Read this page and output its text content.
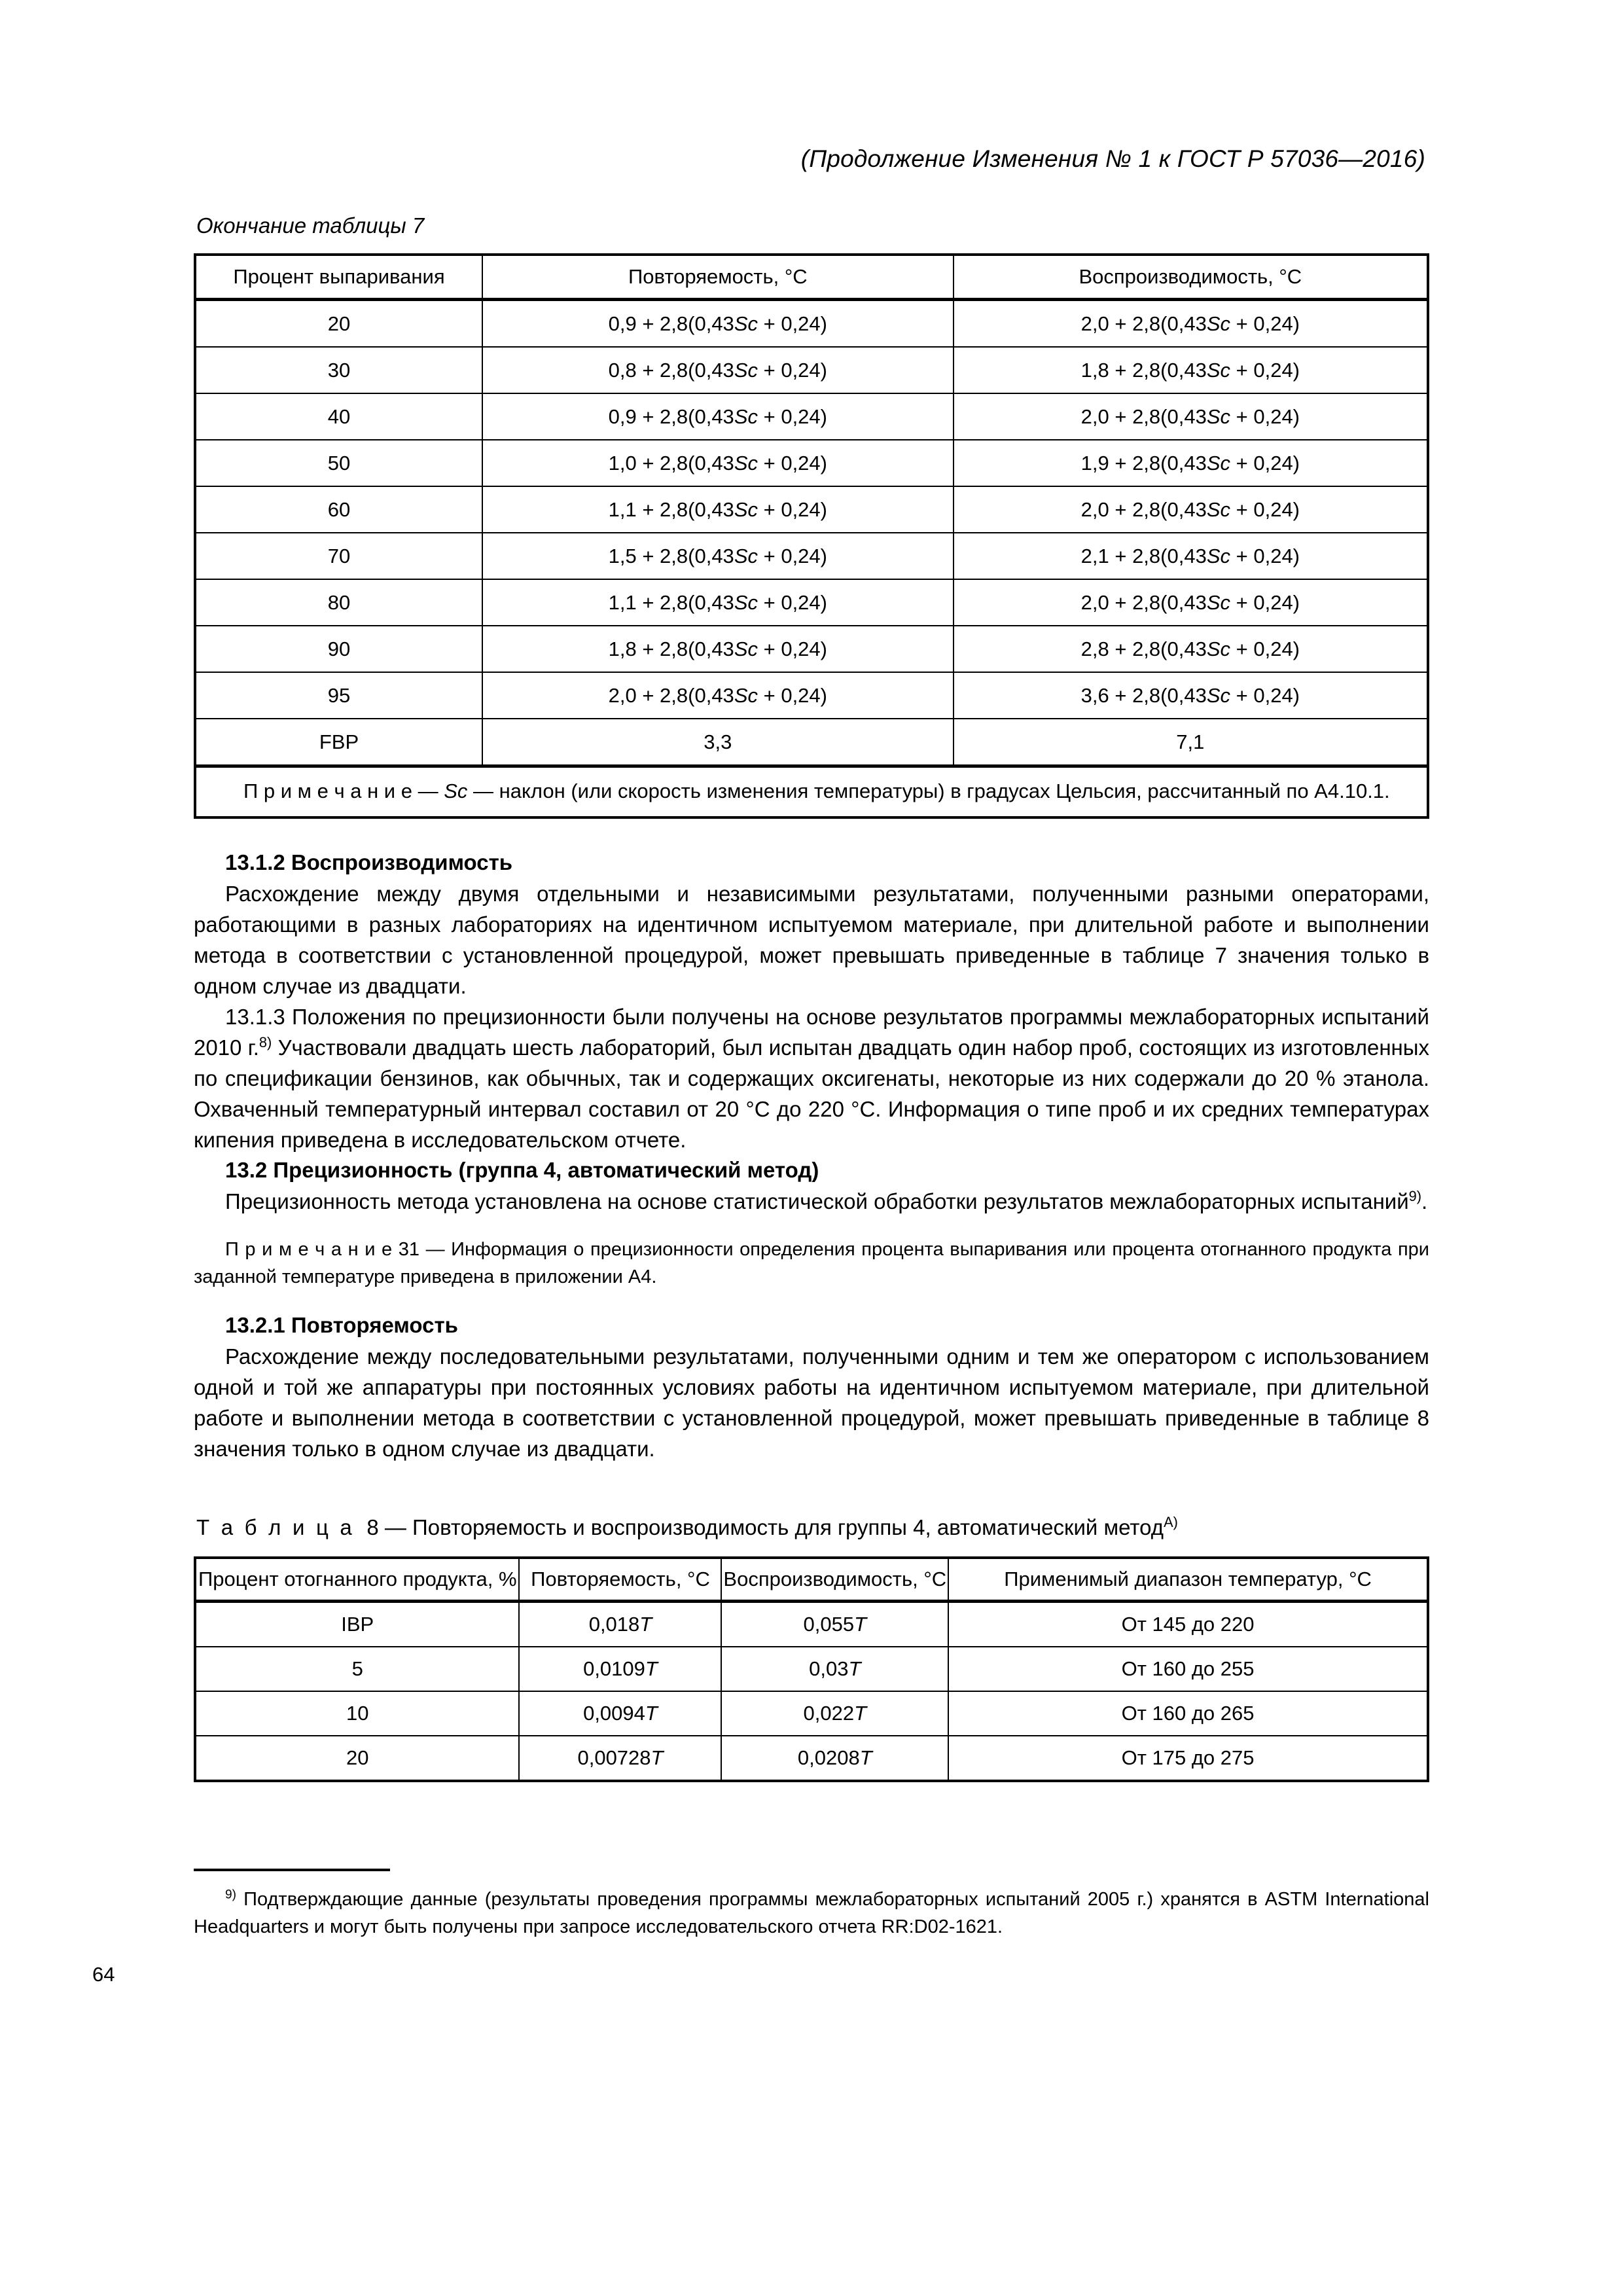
(Продолжение Изменения № 1 к ГОСТ Р 57036—2016)
Окончание таблицы 7
Процент выпаривания	Повторяемость, °C	Воспроизводимость, °C
20	0,9 + 2,8(0,43Sc + 0,24)	2,0 + 2,8(0,43Sc + 0,24)
30	0,8 + 2,8(0,43Sc + 0,24)	1,8 + 2,8(0,43Sc + 0,24)
40	0,9 + 2,8(0,43Sc + 0,24)	2,0 + 2,8(0,43Sc + 0,24)
50	1,0 + 2,8(0,43Sc + 0,24)	1,9 + 2,8(0,43Sc + 0,24)
60	1,1 + 2,8(0,43Sc + 0,24)	2,0 + 2,8(0,43Sc + 0,24)
70	1,5 + 2,8(0,43Sc + 0,24)	2,1 + 2,8(0,43Sc + 0,24)
80	1,1 + 2,8(0,43Sc + 0,24)	2,0 + 2,8(0,43Sc + 0,24)
90	1,8 + 2,8(0,43Sc + 0,24)	2,8 + 2,8(0,43Sc + 0,24)
95	2,0 + 2,8(0,43Sc + 0,24)	3,6 + 2,8(0,43Sc + 0,24)
FBP	3,3	7,1
П р и м е ч а н и е — Sc — наклон (или скорость изменения температуры) в градусах Цельсия, рассчитанный по A4.10.1.		
13.1.2 Воспроизводимость

Расхождение между двумя отдельными и независимыми результатами, полученными разными операторами, работающими в разных лабораториях на идентичном испытуемом материале, при длительной работе и выполнении метода в соответствии с установленной процедурой, может превышать приведенные в таблице 7 значения только в одном случае из двадцати.

13.1.3 Положения по прецизионности были получены на основе результатов программы межлабораторных испытаний 2010 г.$^{8)}$ Участвовали двадцать шесть лабораторий, был испытан двадцать один набор проб, состоящих из изготовленных по спецификации бензинов, как обычных, так и содержащих оксигенаты, некоторые из них содержали до 20 % этанола. Охваченный температурный интервал составил от 20 °C до 220 °C. Информация о типе проб и их средних температурах кипения приведена в исследовательском отчете.

13.2 Прецизионность (группа 4, автоматический метод)

Прецизионность метода установлена на основе статистической обработки результатов межлабораторных испытаний$^{9)}$.

П р и м е ч а н и е 31 — Информация о прецизионности определения процента выпаривания или процента отогнанного продукта при заданной температуре приведена в приложении A4.

13.2.1 Повторяемость

Расхождение между последовательными результатами, полученными одним и тем же оператором с использованием одной и той же аппаратуры при постоянных условиях работы на идентичном испытуемом материале, при длительной работе и выполнении метода в соответствии с установленной процедурой, может превышать приведенные в таблице 8 значения только в одном случае из двадцати.

Т а б л и ц а 8 — Повторяемость и воспроизводимость для группы 4, автоматический метод$^{A)}$
Процент отогнанного продукта, %	Повторяемость, °C	Воспроизводимость, °C	Применимый диапазон температур, °C
IBP	0,018T	0,055T	От 145 до 220
5	0,0109T	0,03T	От 160 до 255
10	0,0094T	0,022T	От 160 до 265
20	0,00728T	0,0208T	От 175 до 275

$^{9)}$ Подтверждающие данные (результаты проведения программы межлабораторных испытаний 2005 г.) хранятся в ASTM International Headquarters и могут быть получены при запросе исследовательского отчета RR:D02-1621.

64
